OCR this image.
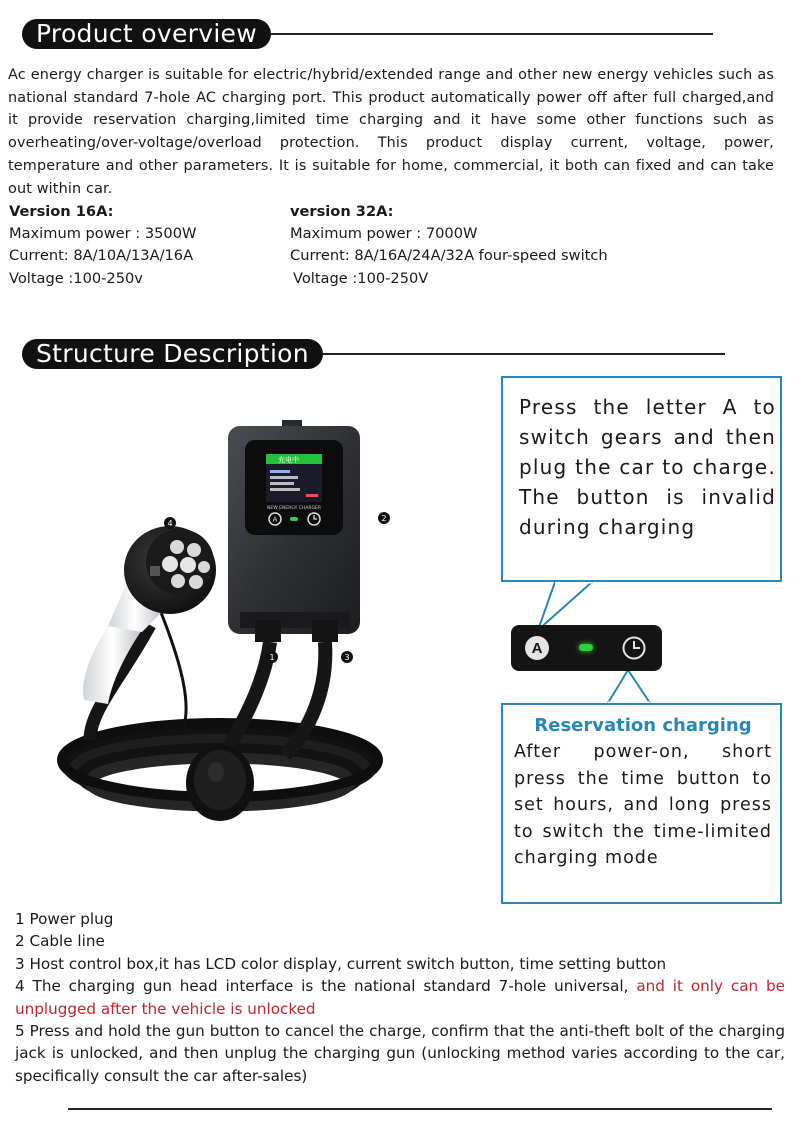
Product overview

Ac energy charger is suitable for electric/hybrid/extended range and other new energy vehicles such as national standard 7-hole AC charging port. This product automatically power off after full charged,and it provide reservation charging,limited time charging and it have some other functions such as overheating/over-voltage/overload protection. This product display current, voltage, power, temperature and other parameters. It is suitable for home, commercial, it both can fixed and can take out within car.

Version 16A:
Maximum power : 3500W
Current: 8A/10A/13A/16A
Voltage :100-250v
version 32A:
Maximum power : 7000W
Current: 8A/16A/24A/32A four-speed switch
Voltage :100-250V
Structure Description
充电中
NEW ENERGY CHARGER
A
4
2
1	3

Press the letter A to switch gears and then plug the car to charge. The button is invalid during charging

A
Reservation charging

After power-on, short press the time button to set hours, and long press to switch the time-limited charging mode

1 Power plug
2 Cable line
3 Host control box,it has LCD color display, current switch button, time setting button
4 The charging gun head interface is the national standard 7-hole universal, and it only can be unplugged after the vehicle is unlocked
5 Press and hold the gun button to cancel the charge, confirm that the anti-theft bolt of the charging jack is unlocked, and then unplug the charging gun (unlocking method varies according to the car, specifically consult the car after-sales)
